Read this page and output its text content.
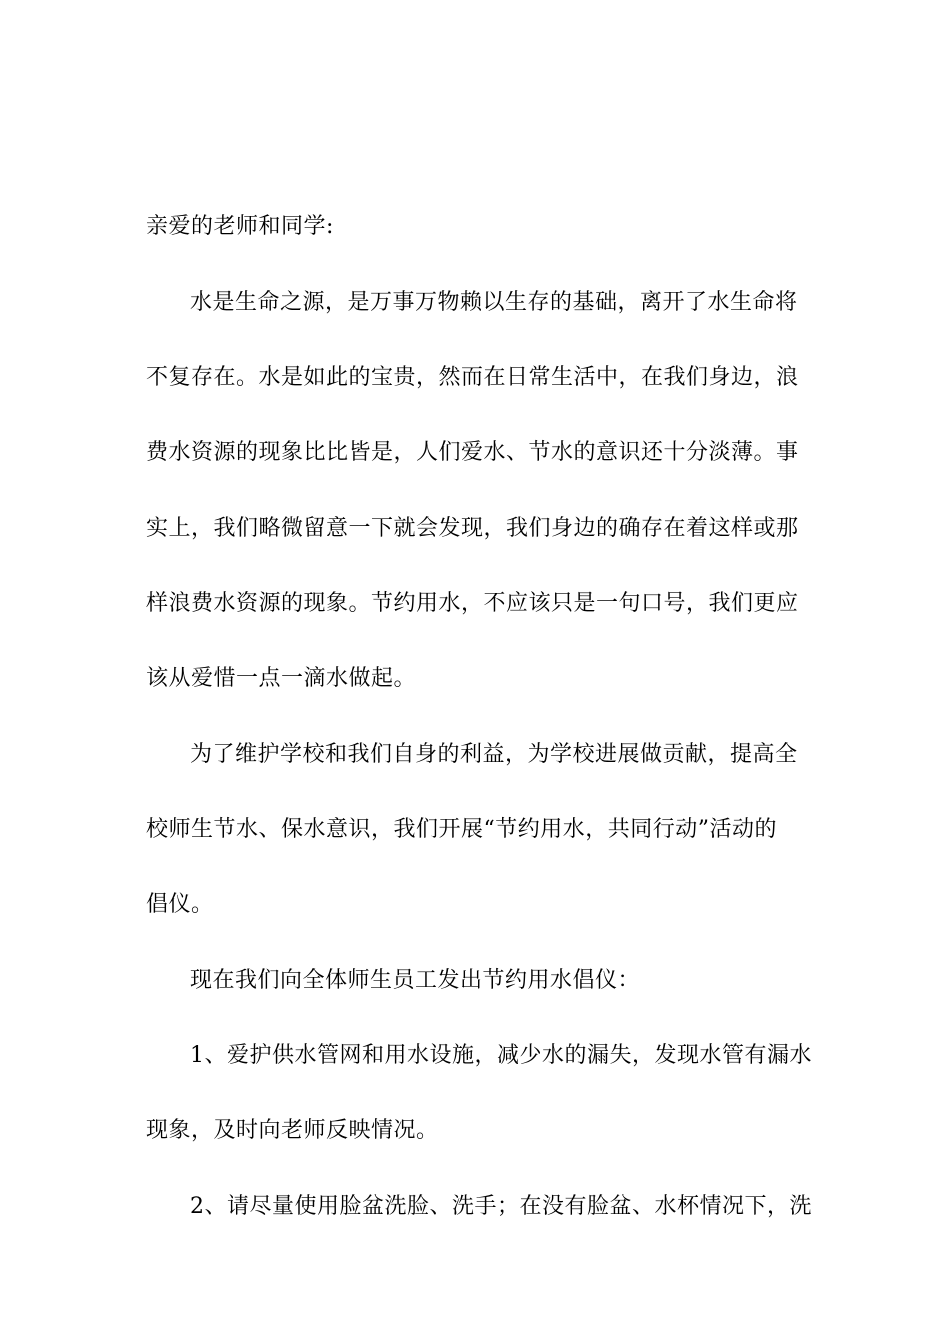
亲爱的老师和同学:
水是生命之源，是万事万物赖以生存的基础，离开了水生命将
不复存在。水是如此的宝贵，然而在日常生活中，在我们身边，浪
费水资源的现象比比皆是，人们爱水、节水的意识还十分淡薄。事
实上，我们略微留意一下就会发现，我们身边的确存在着这样或那
样浪费水资源的现象。节约用水，不应该只是一句口号，我们更应
该从爱惜一点一滴水做起。
为了维护学校和我们自身的利益，为学校进展做贡献，提高全
校师生节水、保水意识，我们开展“节约用水，共同行动”活动的
倡仪。
现在我们向全体师生员工发出节约用水倡仪：
1、爱护供水管网和用水设施，减少水的漏失，发现水管有漏水
现象，及时向老师反映情况。
2、请尽量使用脸盆洗脸、洗手；在没有脸盆、水杯情况下，洗
